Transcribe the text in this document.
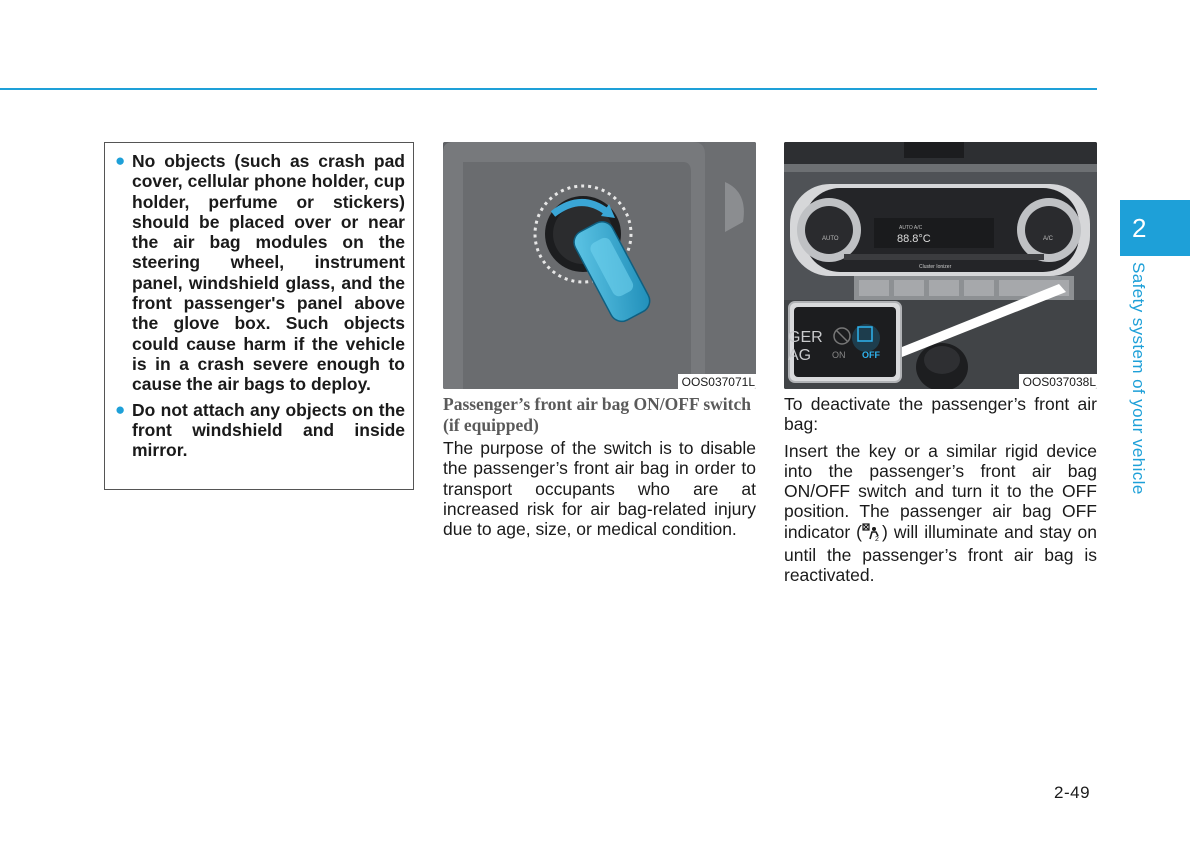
● No objects (such as crash pad cover, cellular phone holder, cup holder, perfume or stickers) should be placed over or near the air bag modules on the steering wheel, instrument panel, windshield glass, and the front passenger's panel above the glove box. Such objects could cause harm if the vehicle is in a crash severe enough to cause the air bags to deploy.
● Do not attach any objects on the front windshield and inside mirror.
OOS037071L
AUTO	A/C
AUTO A/C
88.8°C
Cluster Ionizer
GER
AG ON OFF
OOS037038L
Passenger’s front air bag ON/OFF switch (if equipped)
The purpose of the switch is to disable the passenger’s front air bag in order to transport occupants who are at increased risk for air bag-related injury due to age, size, or medical condition.
To deactivate the passenger’s front air bag:
Insert the key or a similar rigid device into the passenger’s front air bag ON/OFF switch and turn it to the OFF position. The passenger air bag OFF indicator ( 2 ) will illuminate and stay on until the passenger’s front air bag is reactivated.
2
Safety system of your vehicle
2-49
